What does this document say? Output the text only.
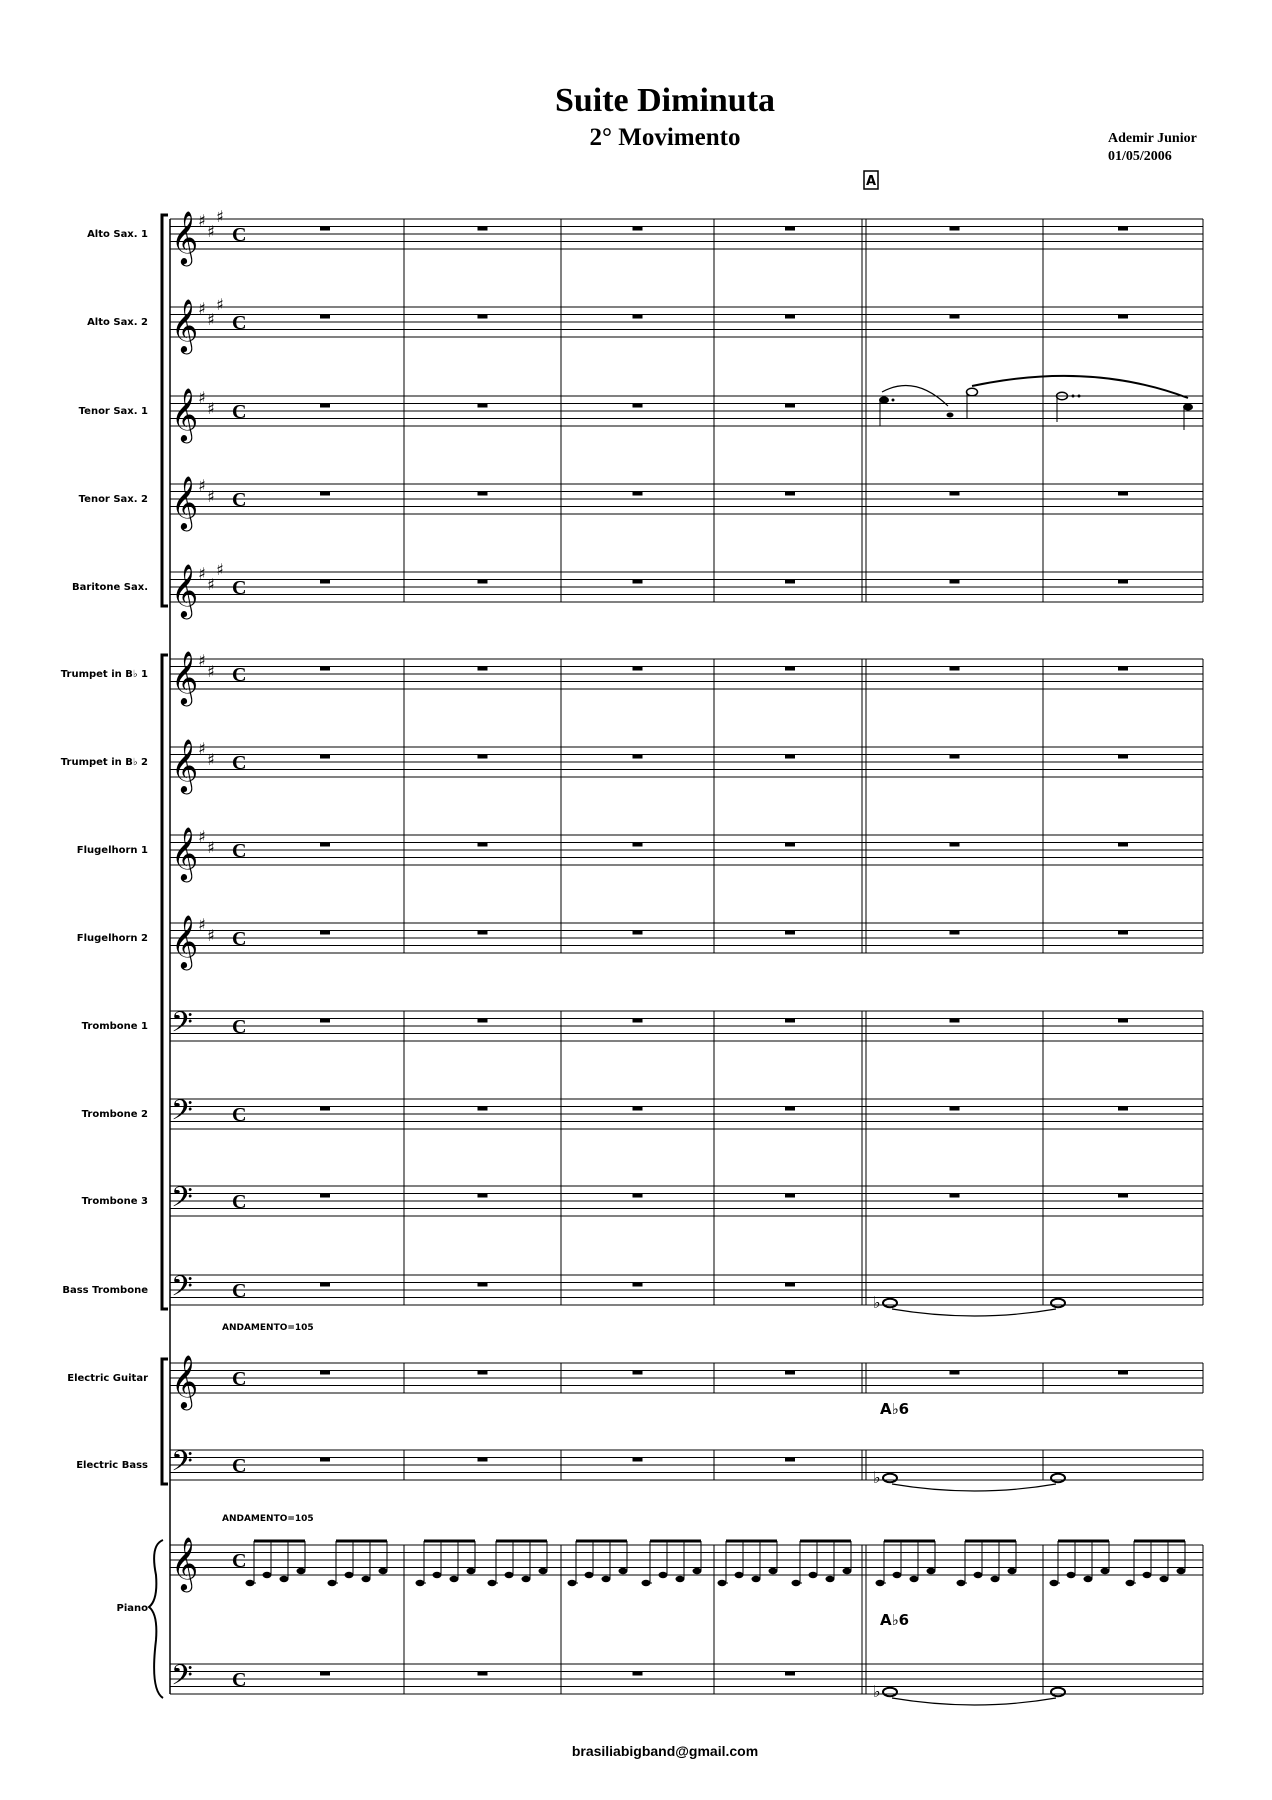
Suite Diminuta
2° Movimento	Ademir Junior
01/05/2006
Alto Sax. 1 𝄞 ♯
♯
♯
C
Alto Sax. 2 𝄞 ♯
♯
♯
C
Tenor Sax. 1 𝄞 ♯
♯ C
Tenor Sax. 2 𝄞 ♯
♯ C
Baritone Sax. 𝄞 ♯
♯
♯
C
Trumpet in B♭ 1 𝄞 ♯
♯ C
Trumpet in B♭ 2 𝄞 ♯
♯ C
Flugelhorn 1 𝄞 ♯
♯ C
Flugelhorn 2 𝄞 ♯
♯ C
Trombone 1 𝄢 C
Trombone 2 𝄢 C
Trombone 3 𝄢 C
Bass Trombone 𝄢 C
Electric Guitar 𝄞 C
Electric Bass 𝄢 C
𝄞 C
𝄢 C
Piano
♭
♭
♭
ANDAMENTO=105
ANDAMENTO=105
A♭6
A♭6
A
brasiliabigband@gmail.com
